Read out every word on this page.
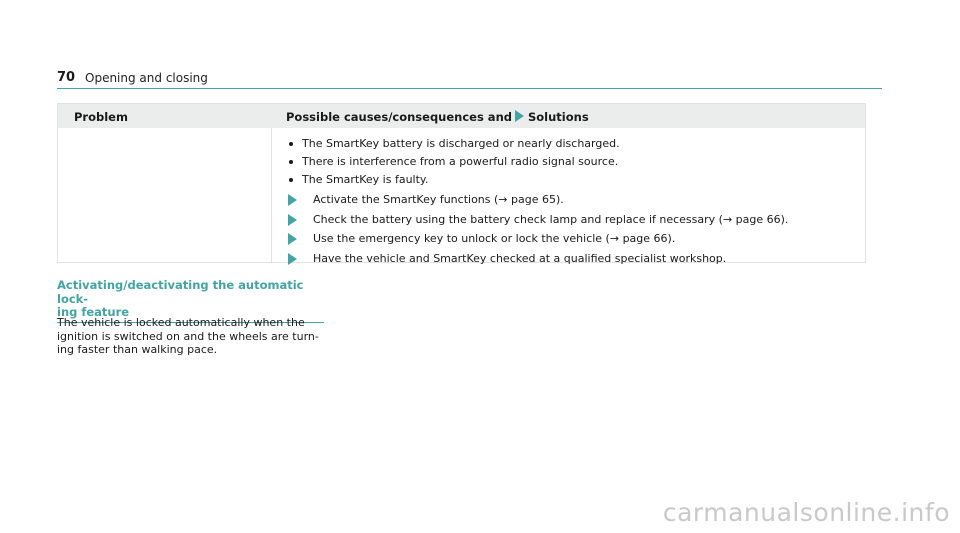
70 Opening and closing
Problem	Possible causes/consequences and Solutions
The SmartKey battery is discharged or nearly discharged.
There is interference from a powerful radio signal source.
The SmartKey is faulty.
Activate the SmartKey functions (→ page 65).
Check the battery using the battery check lamp and replace if necessary (→ page 66).
Use the emergency key to unlock or lock the vehicle (→ page 66).
Have the vehicle and SmartKey checked at a qualified specialist workshop.
Activating/deactivating the automatic lock-
ing feature
The vehicle is locked automatically when the
ignition is switched on and the wheels are turn-
ing faster than walking pace.
carmanualsonline.info
